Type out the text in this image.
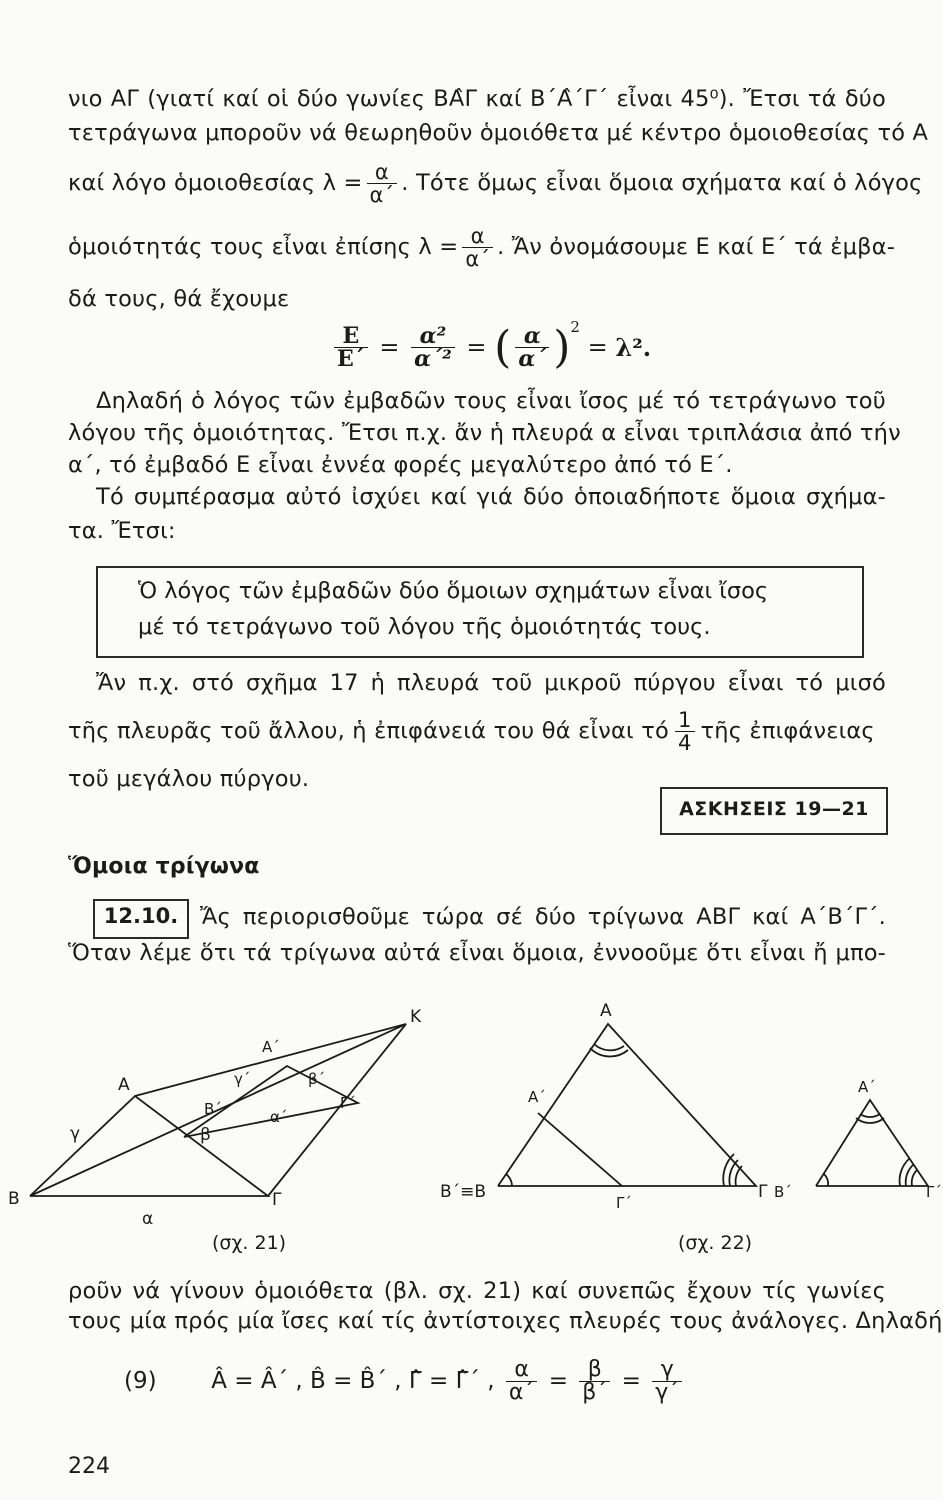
νιο ΑΓ (γιατί καί οἱ δύο γωνίες ΒΑ̂Γ καί Β΄Α̂΄Γ΄ εἶναι 45⁰). Ἔτσι τά δύο
τετράγωνα μποροῦν νά θεωρηθοῦν ὁμοιόθετα μέ κέντρο ὁμοιοθεσίας τό Α
καί λόγο ὁμοιοθεσίας $\lambda = \frac{\alpha}{\alpha΄}$ . Τότε ὅμως εἶναι ὅμοια σχήματα καί ὁ λόγος
ὁμοιότητάς τους εἶναι ἐπίσης $\lambda = \frac{\alpha}{\alpha΄}$ . Ἄν ὀνομάσουμε Ε καί Ε΄ τά ἐμβα-
δά τους, θά ἔχουμε
$\frac{E}{E΄} = \frac{\text{α²}}{\text{α΄²}}$ = ( $\frac{\alpha}{\alpha΄} )^2 = \lambda^2$.
Δηλαδή ὁ λόγος τῶν ἐμβαδῶν τους εἶναι ἴσος μέ τό τετράγωνο τοῦ
λόγου τῆς ὁμοιότητας. Ἔτσι π.χ. ἄν ἡ πλευρά α εἶναι τριπλάσια ἀπό τήν
α΄, τό ἐμβαδό Ε εἶναι ἐννέα φορές μεγαλύτερο ἀπό τό Ε΄.
Τό συμπέρασμα αὐτό ἰσχύει καί γιά δύο ὁποιαδήποτε ὅμοια σχήμα-
τα. Ἔτσι:
Ὁ λόγος τῶν ἐμβαδῶν δύο ὅμοιων σχημάτων εἶναι ἴσος
μέ τό τετράγωνο τοῦ λόγου τῆς ὁμοιότητάς τους.
Ἄν π.χ. στό σχῆμα 17 ἡ πλευρά τοῦ μικροῦ πύργου εἶναι τό μισό
τῆς πλευρᾶς τοῦ ἄλλου, ἡ ἐπιφάνειά του θά εἶναι τό $\frac{1}{4}$ τῆς ἐπιφάνειας
τοῦ μεγάλου πύργου.
ΑΣΚΗΣΕΙΣ 19—21
Ὅμοια τρίγωνα
12.10. Ἄς περιορισθοῦμε τώρα σέ δύο τρίγωνα ΑΒΓ καί Α΄Β΄Γ΄.
Ὅταν λέμε ὅτι τά τρίγωνα αὐτά εἶναι ὅμοια, ἐννοοῦμε ὅτι εἶναι ἤ μπο-
Β
Α
Γ
Κ
Α΄
Β΄	Γ΄
α
β
γ
α΄
β΄
γ΄
(σχ. 21)
Α
Α΄
Β΄≡Β
Γ΄
Γ Β΄
Α΄
Γ΄
(σχ. 22)
ροῦν νά γίνουν ὁμοιόθετα (βλ. σχ. 21) καί συνεπῶς ἔχουν τίς γωνίες
τους μία πρός μία ἴσες καί τίς ἀντίστοιχες πλευρές τους ἀνάλογες. Δηλαδή
(9) Â = Â΄ , B̂ = B̂΄ , Γ̂ = Γ̂΄ , $\frac{\alpha}{\alpha΄} = \frac{\beta}{\beta΄} = \frac{\gamma}{\gamma΄}$
224
